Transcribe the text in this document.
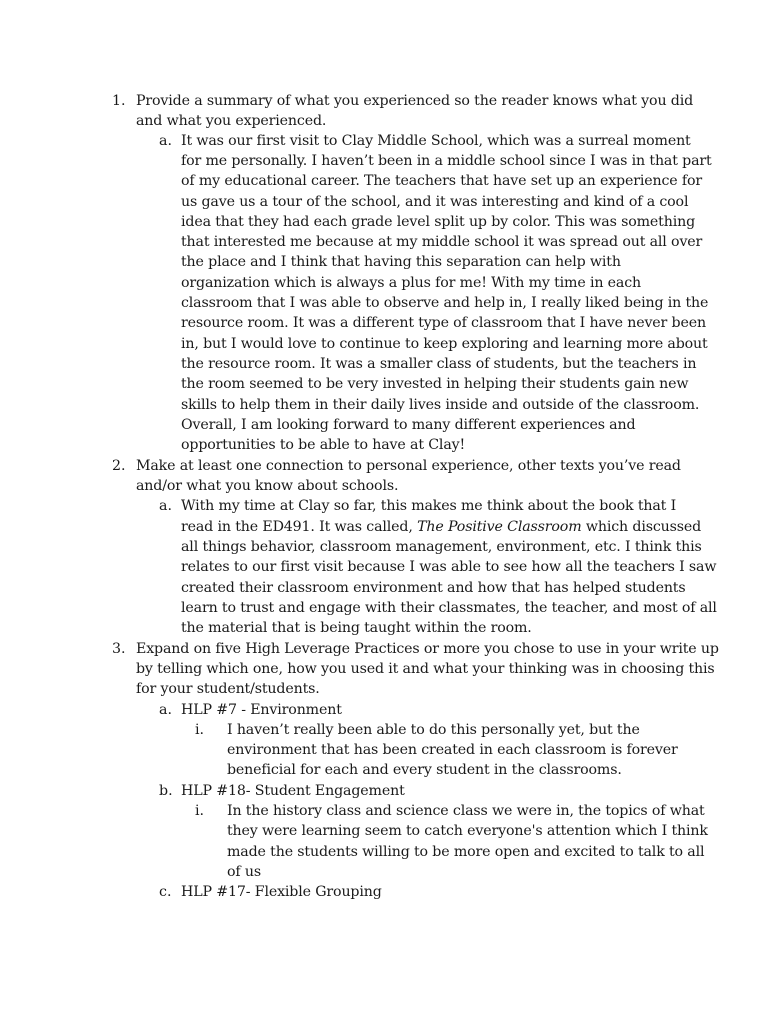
1. Provide a summary of what you experienced so the reader knows what you did
and what you experienced.
a. It was our first visit to Clay Middle School, which was a surreal moment
for me personally. I haven’t been in a middle school since I was in that part
of my educational career. The teachers that have set up an experience for
us gave us a tour of the school, and it was interesting and kind of a cool
idea that they had each grade level split up by color. This was something
that interested me because at my middle school it was spread out all over
the place and I think that having this separation can help with
organization which is always a plus for me! With my time in each
classroom that I was able to observe and help in, I really liked being in the
resource room. It was a different type of classroom that I have never been
in, but I would love to continue to keep exploring and learning more about
the resource room. It was a smaller class of students, but the teachers in
the room seemed to be very invested in helping their students gain new
skills to help them in their daily lives inside and outside of the classroom.
Overall, I am looking forward to many different experiences and
opportunities to be able to have at Clay!
2. Make at least one connection to personal experience, other texts you’ve read
and/or what you know about schools.
a. With my time at Clay so far, this makes me think about the book that I
read in the ED491. It was called, The Positive Classroom which discussed
all things behavior, classroom management, environment, etc. I think this
relates to our first visit because I was able to see how all the teachers I saw
created their classroom environment and how that has helped students
learn to trust and engage with their classmates, the teacher, and most of all
the material that is being taught within the room.
3. Expand on five High Leverage Practices or more you chose to use in your write up
by telling which one, how you used it and what your thinking was in choosing this
for your student/students.
a. HLP #7 - Environment
i. I haven’t really been able to do this personally yet, but the
environment that has been created in each classroom is forever
beneficial for each and every student in the classrooms.
b. HLP #18- Student Engagement
i. In the history class and science class we were in, the topics of what
they were learning seem to catch everyone's attention which I think
made the students willing to be more open and excited to talk to all
of us
c. HLP #17- Flexible Grouping
